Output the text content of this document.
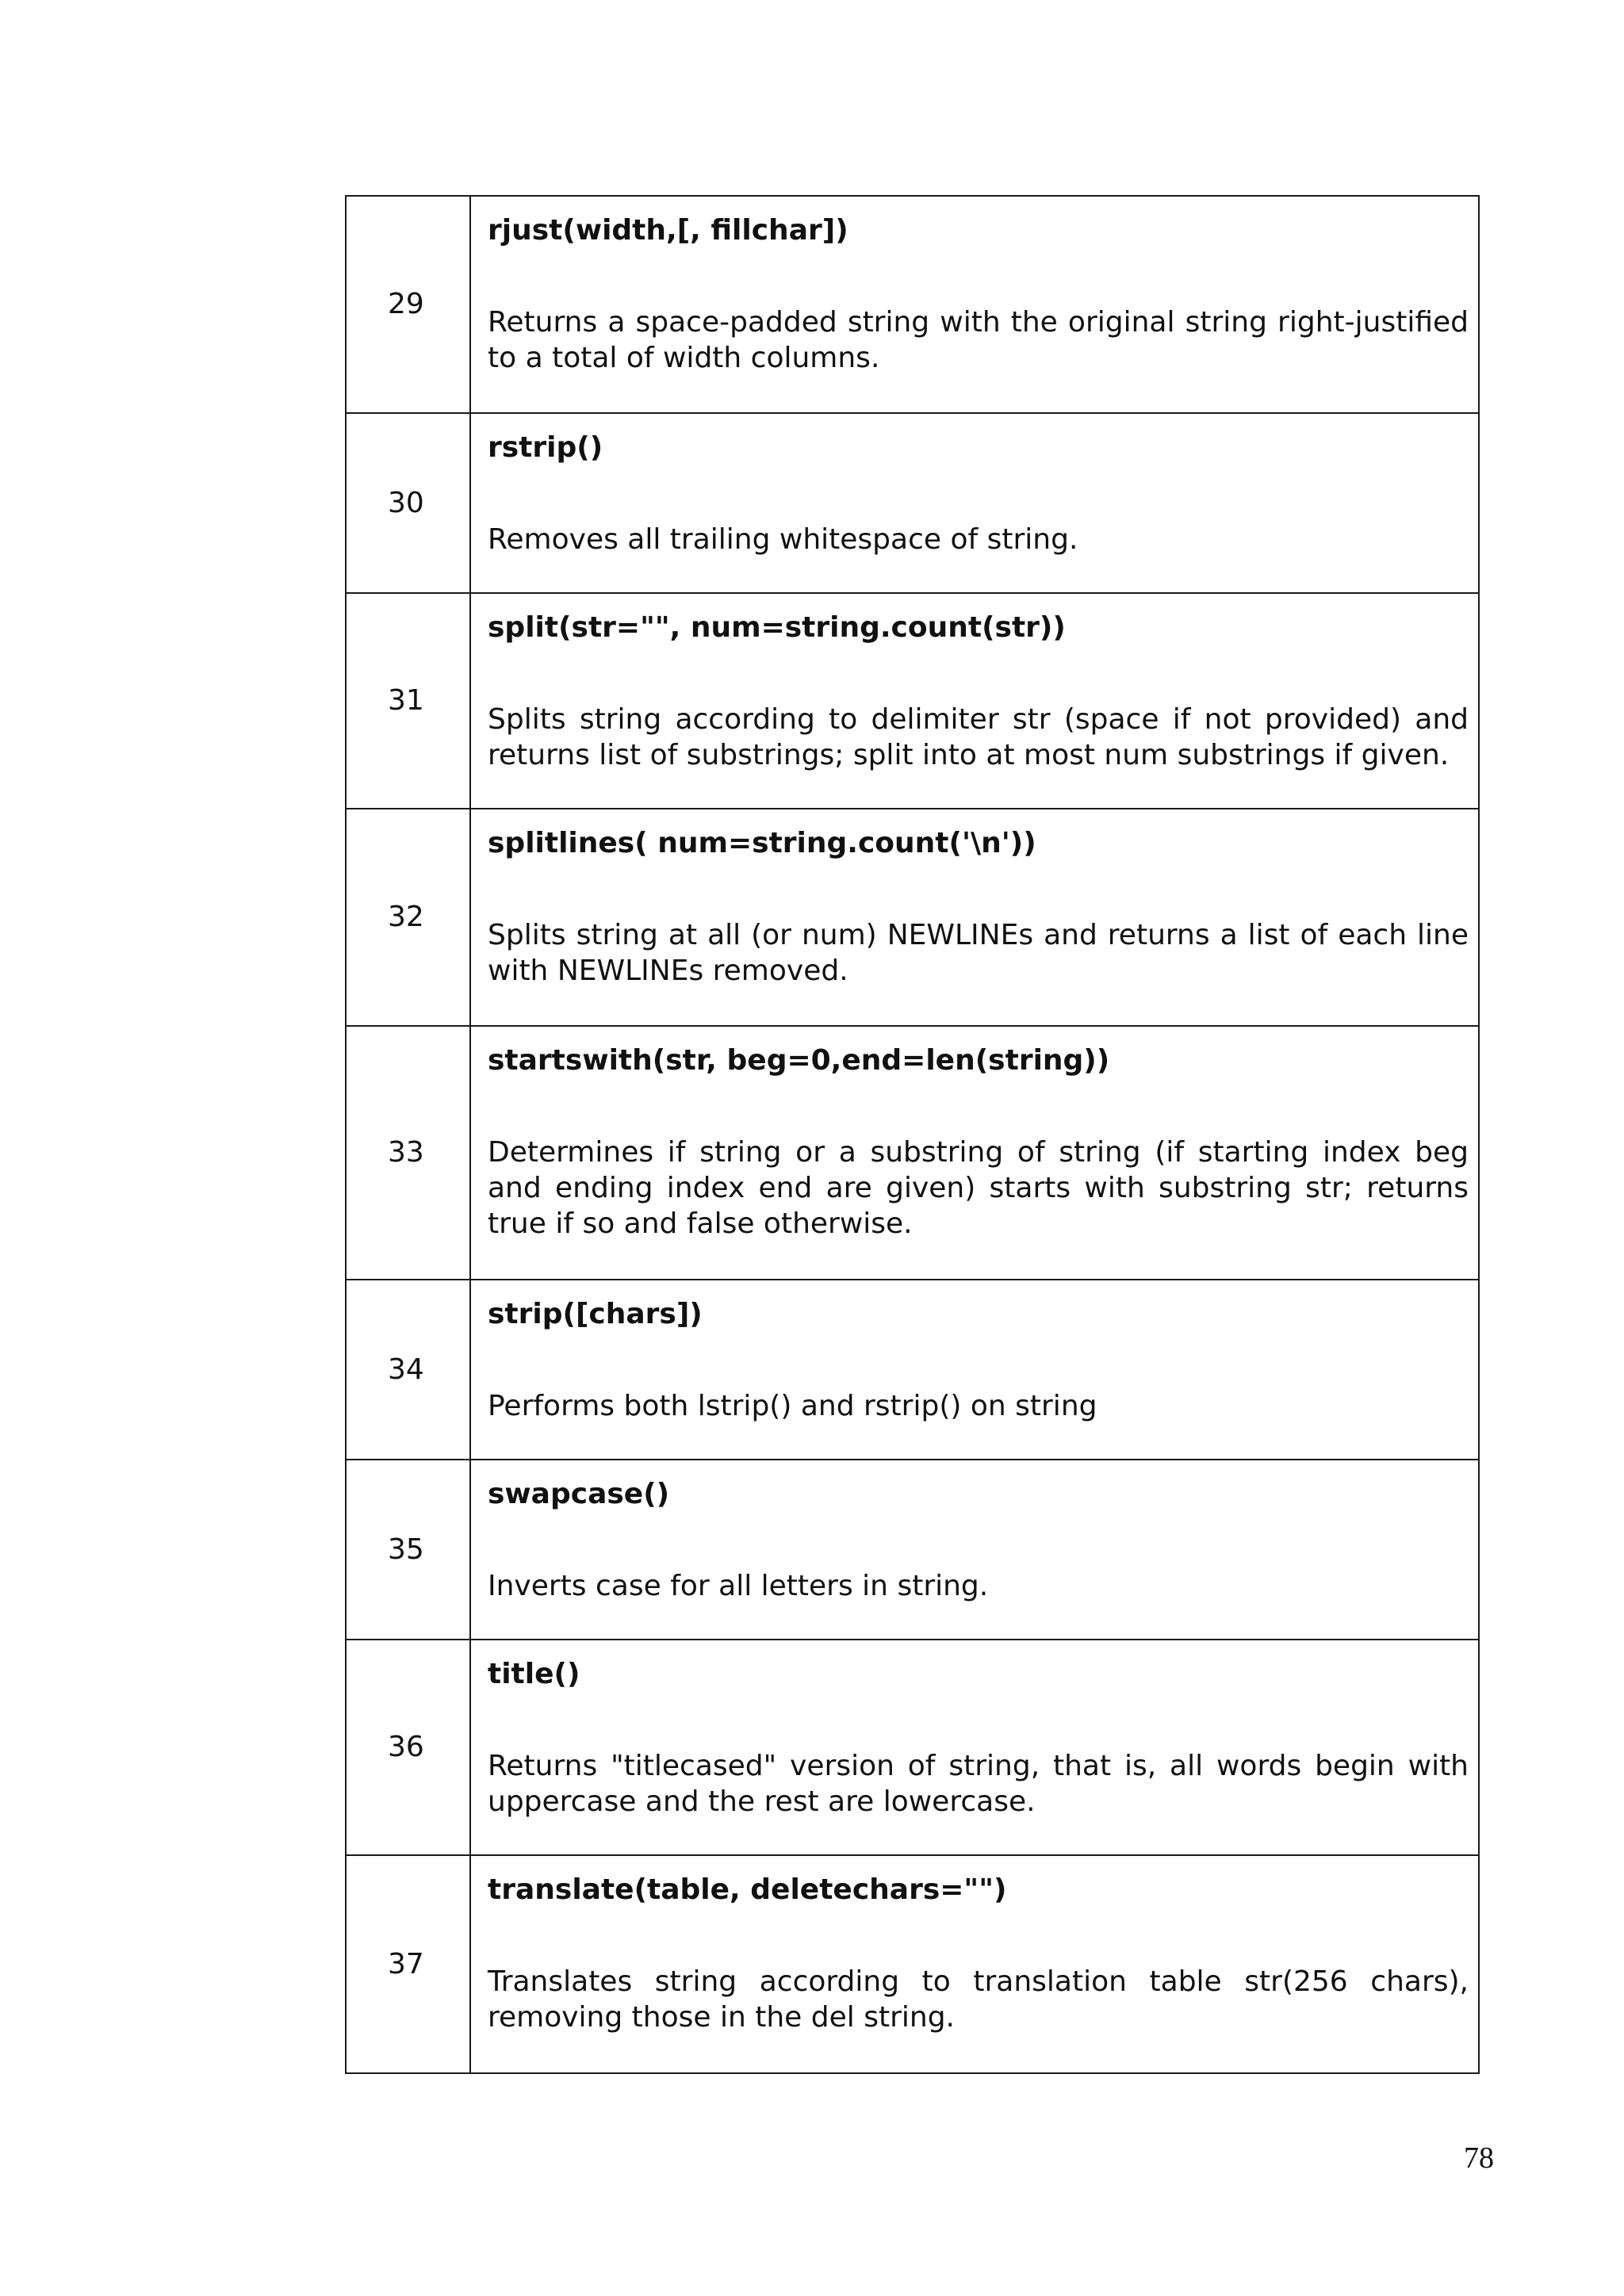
29	rjust(width,[, fillchar])

Returns a space-padded string with the original string right-justified to a total of width columns.

30	rstrip()

Removes all trailing whitespace of string.

31	split(str="", num=string.count(str))

Splits string according to delimiter str (space if not provided) and returns list of substrings; split into at most num substrings if given.

32	splitlines( num=string.count('\n'))

Splits string at all (or num) NEWLINEs and returns a list of each line with NEWLINEs removed.

33	startswith(str, beg=0,end=len(string))

Determines if string or a substring of string (if starting index beg and ending index end are given) starts with substring str; returns true if so and false otherwise.

34	strip([chars])

Performs both lstrip() and rstrip() on string

35	swapcase()

Inverts case for all letters in string.

36	title()

Returns "titlecased" version of string, that is, all words begin with uppercase and the rest are lowercase.

37	translate(table, deletechars="")

Translates string according to translation table str(256 chars), removing those in the del string.

78
